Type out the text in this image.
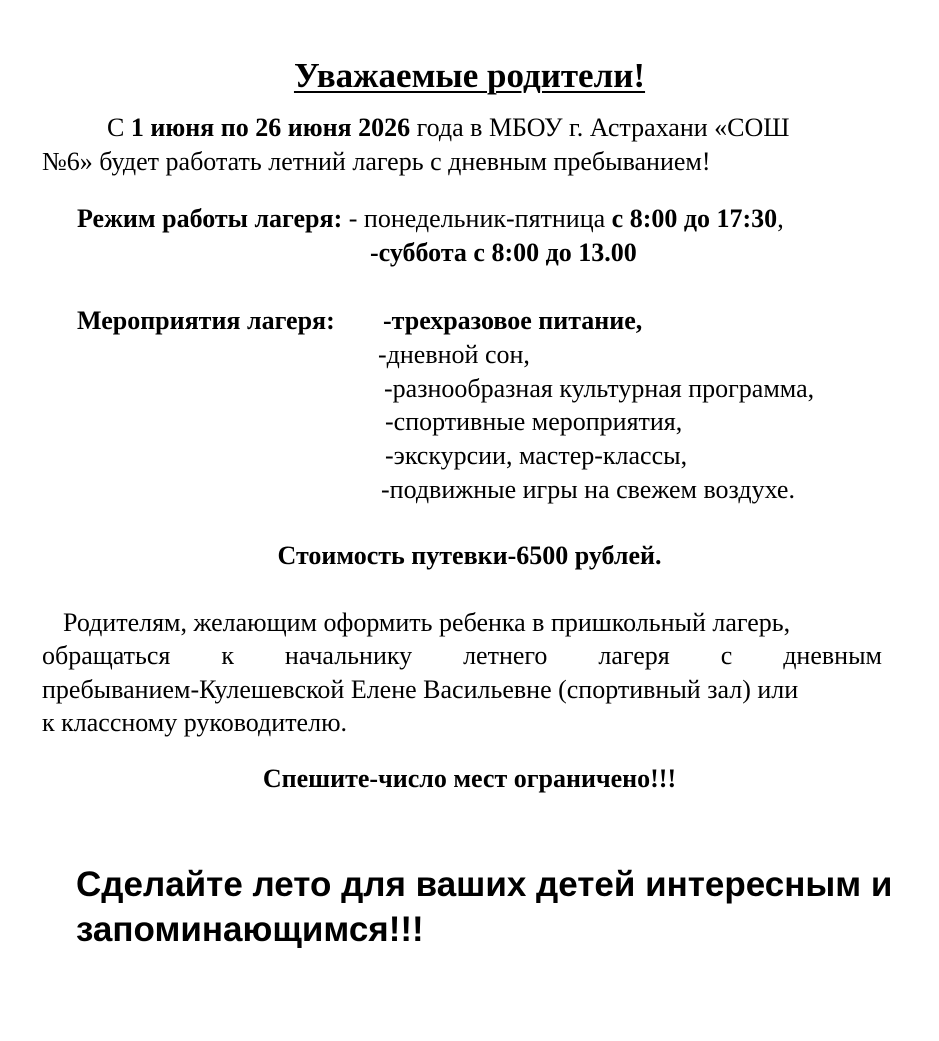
Уважаемые родители!
С 1 июня по 26 июня 2026 года в МБОУ г. Астрахани «СОШ
№6» будет работать летний лагерь с дневным пребыванием!
Режим работы лагеря: - понедельник-пятница с 8:00 до 17:30,
-суббота с 8:00 до 13.00
Мероприятия лагеря: -трехразовое питание,
-дневной сон,
-разнообразная культурная программа,
-спортивные мероприятия,
-экскурсии, мастер-классы,
-подвижные игры на свежем воздухе.
Стоимость путевки-6500 рублей.
Родителям, желающим оформить ребенка в пришкольный лагерь,
обращаться к начальнику летнего лагеря с дневным
пребыванием-Кулешевской Елене Васильевне (спортивный зал) или
к классному руководителю.
Спешите-число мест ограничено!!!
Сделайте лето для ваших детей интересным и
запоминающимся!!!
